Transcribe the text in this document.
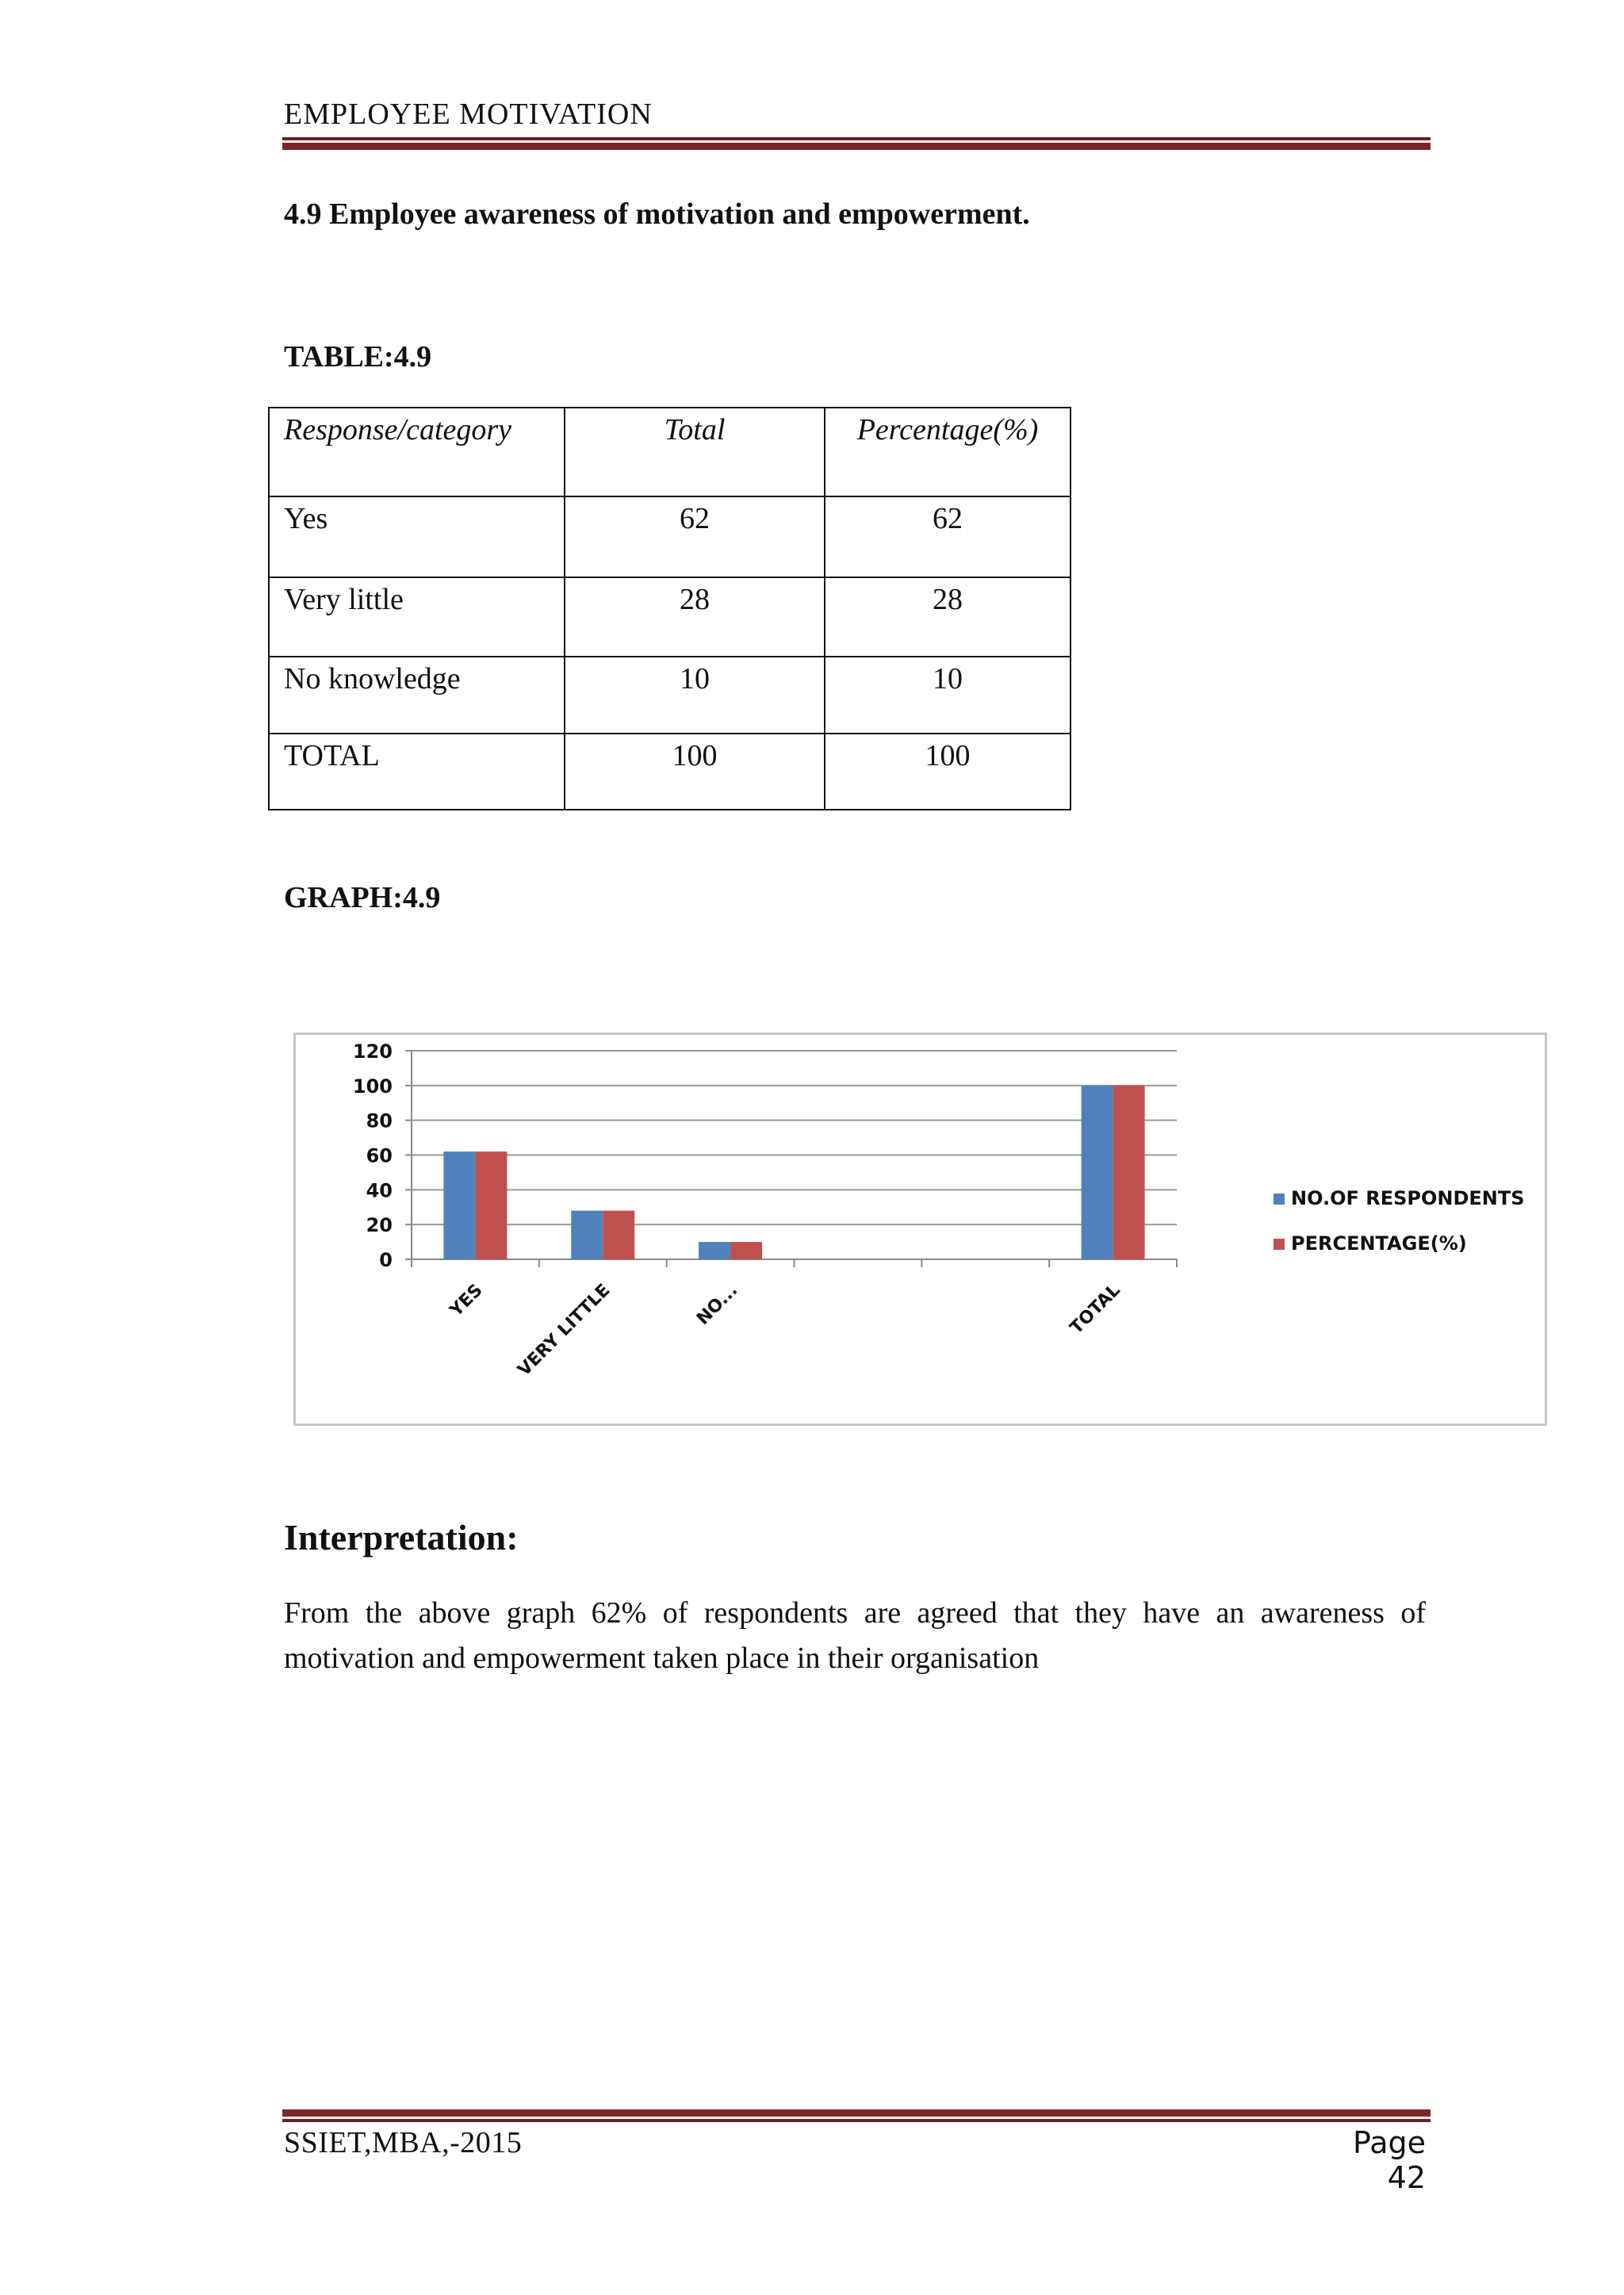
EMPLOYEE MOTIVATION
4.9 Employee awareness of motivation and empowerment.
TABLE:4.9
Response/category	Total	Percentage(%)

Yes	62	62

Very little	28	28

No knowledge	10	10

TOTAL	100	100
GRAPH:4.9
0
20
40
60
80
100
120
YES VERY LITTLE	NO...	TOTAL
NO.OF RESPONDENTS
PERCENTAGE(%)
Interpretation:
From the above graph 62% of respondents are agreed that they have an awareness of motivation and empowerment taken place in their organisation
SSIET,MBA,-2015	Page 42
